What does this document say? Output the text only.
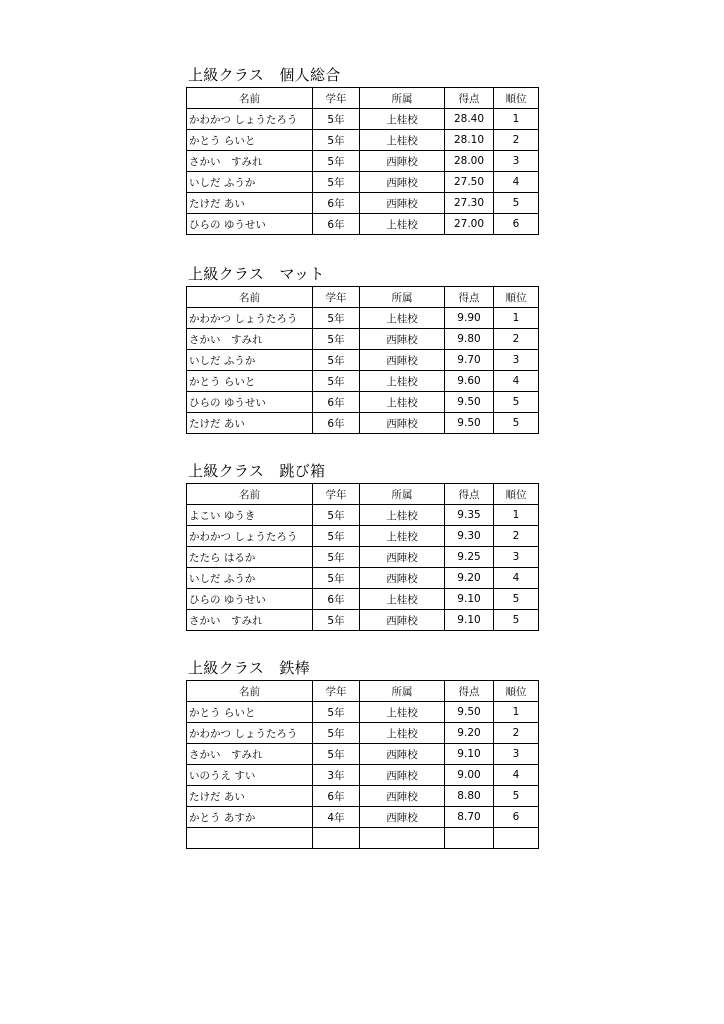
上級クラス　個人総合
名前	学年	所属	得点	順位
かわかつ しょうたろう	5年	上桂校	28.40	1
かとう らいと	5年	上桂校	28.10	2
さかい　すみれ	5年	西陣校	28.00	3
いしだ ふうか	5年	西陣校	27.50	4
たけだ あい	6年	西陣校	27.30	5
ひらの ゆうせい	6年	上桂校	27.00	6
上級クラス　マット
名前	学年	所属	得点	順位
かわかつ しょうたろう	5年	上桂校	9.90	1
さかい　すみれ	5年	西陣校	9.80	2
いしだ ふうか	5年	西陣校	9.70	3
かとう らいと	5年	上桂校	9.60	4
ひらの ゆうせい	6年	上桂校	9.50	5
たけだ あい	6年	西陣校	9.50	5
上級クラス　跳び箱
名前	学年	所属	得点	順位
よこい ゆうき	5年	上桂校	9.35	1
かわかつ しょうたろう	5年	上桂校	9.30	2
たたら はるか	5年	西陣校	9.25	3
いしだ ふうか	5年	西陣校	9.20	4
ひらの ゆうせい	6年	上桂校	9.10	5
さかい　すみれ	5年	西陣校	9.10	5
上級クラス　鉄棒
名前	学年	所属	得点	順位
かとう らいと	5年	上桂校	9.50	1
かわかつ しょうたろう	5年	上桂校	9.20	2
さかい　すみれ	5年	西陣校	9.10	3
いのうえ すい	3年	西陣校	9.00	4
たけだ あい	6年	西陣校	8.80	5
かとう あすか	4年	西陣校	8.70	6
